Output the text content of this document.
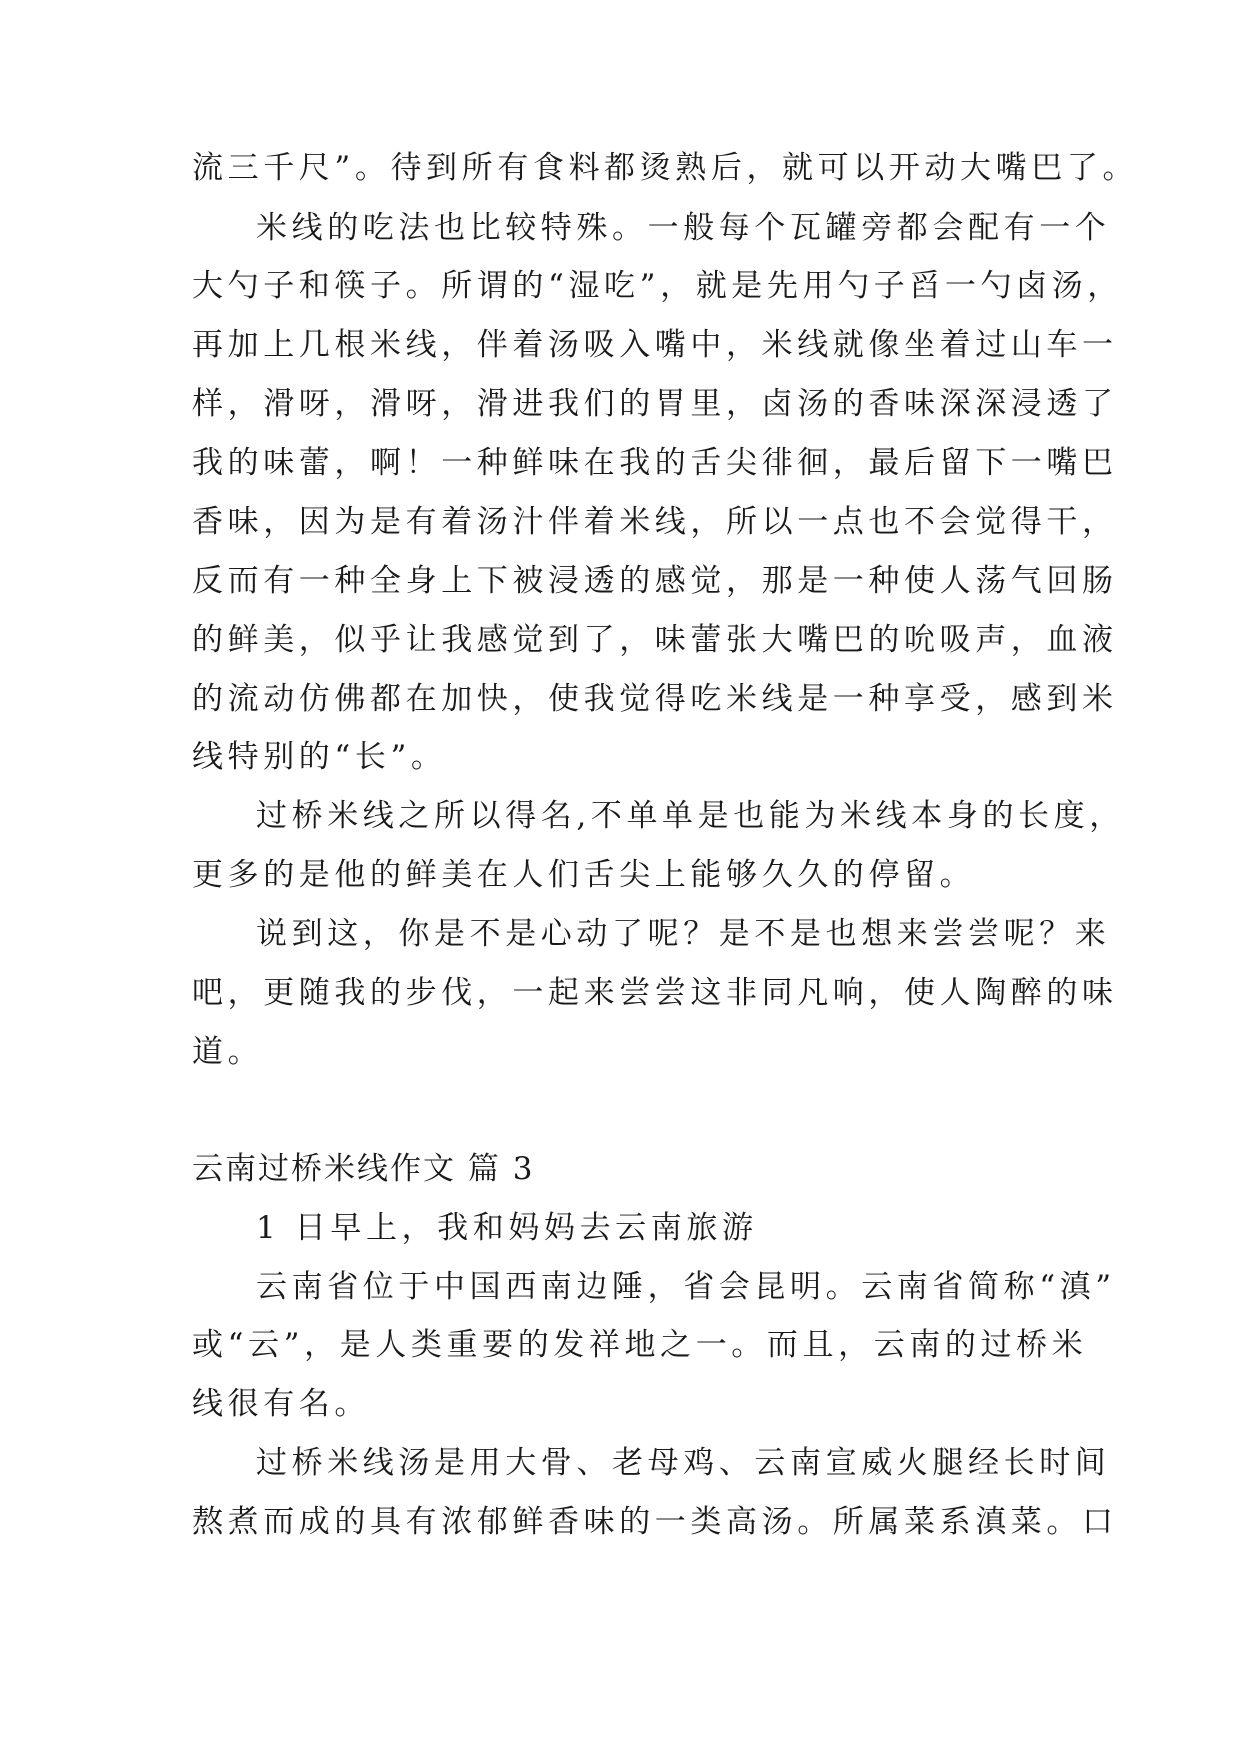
流三千尺”。待到所有食料都烫熟后，就可以开动大嘴巴了。
米线的吃法也比较特殊。一般每个瓦罐旁都会配有一个
大勺子和筷子。所谓的“湿吃”，就是先用勺子舀一勺卤汤，
再加上几根米线，伴着汤吸入嘴中，米线就像坐着过山车一
样，滑呀，滑呀，滑进我们的胃里，卤汤的香味深深浸透了
我的味蕾，啊！一种鲜味在我的舌尖徘徊，最后留下一嘴巴
香味，因为是有着汤汁伴着米线，所以一点也不会觉得干，
反而有一种全身上下被浸透的感觉，那是一种使人荡气回肠
的鲜美，似乎让我感觉到了，味蕾张大嘴巴的吮吸声，血液
的流动仿佛都在加快，使我觉得吃米线是一种享受，感到米
线特别的“长”。
过桥米线之所以得名,不单单是也能为米线本身的长度，
更多的是他的鲜美在人们舌尖上能够久久的停留。
说到这，你是不是心动了呢？是不是也想来尝尝呢？来
吧，更随我的步伐，一起来尝尝这非同凡响，使人陶醉的味
道。
云南过桥米线作文 篇 3
1 日早上，我和妈妈去云南旅游
云南省位于中国西南边陲，省会昆明。云南省简称“滇”
或“云”，是人类重要的发祥地之一。而且，云南的过桥米
线很有名。
过桥米线汤是用大骨、老母鸡、云南宣威火腿经长时间
熬煮而成的具有浓郁鲜香味的一类高汤。所属菜系滇菜。口
